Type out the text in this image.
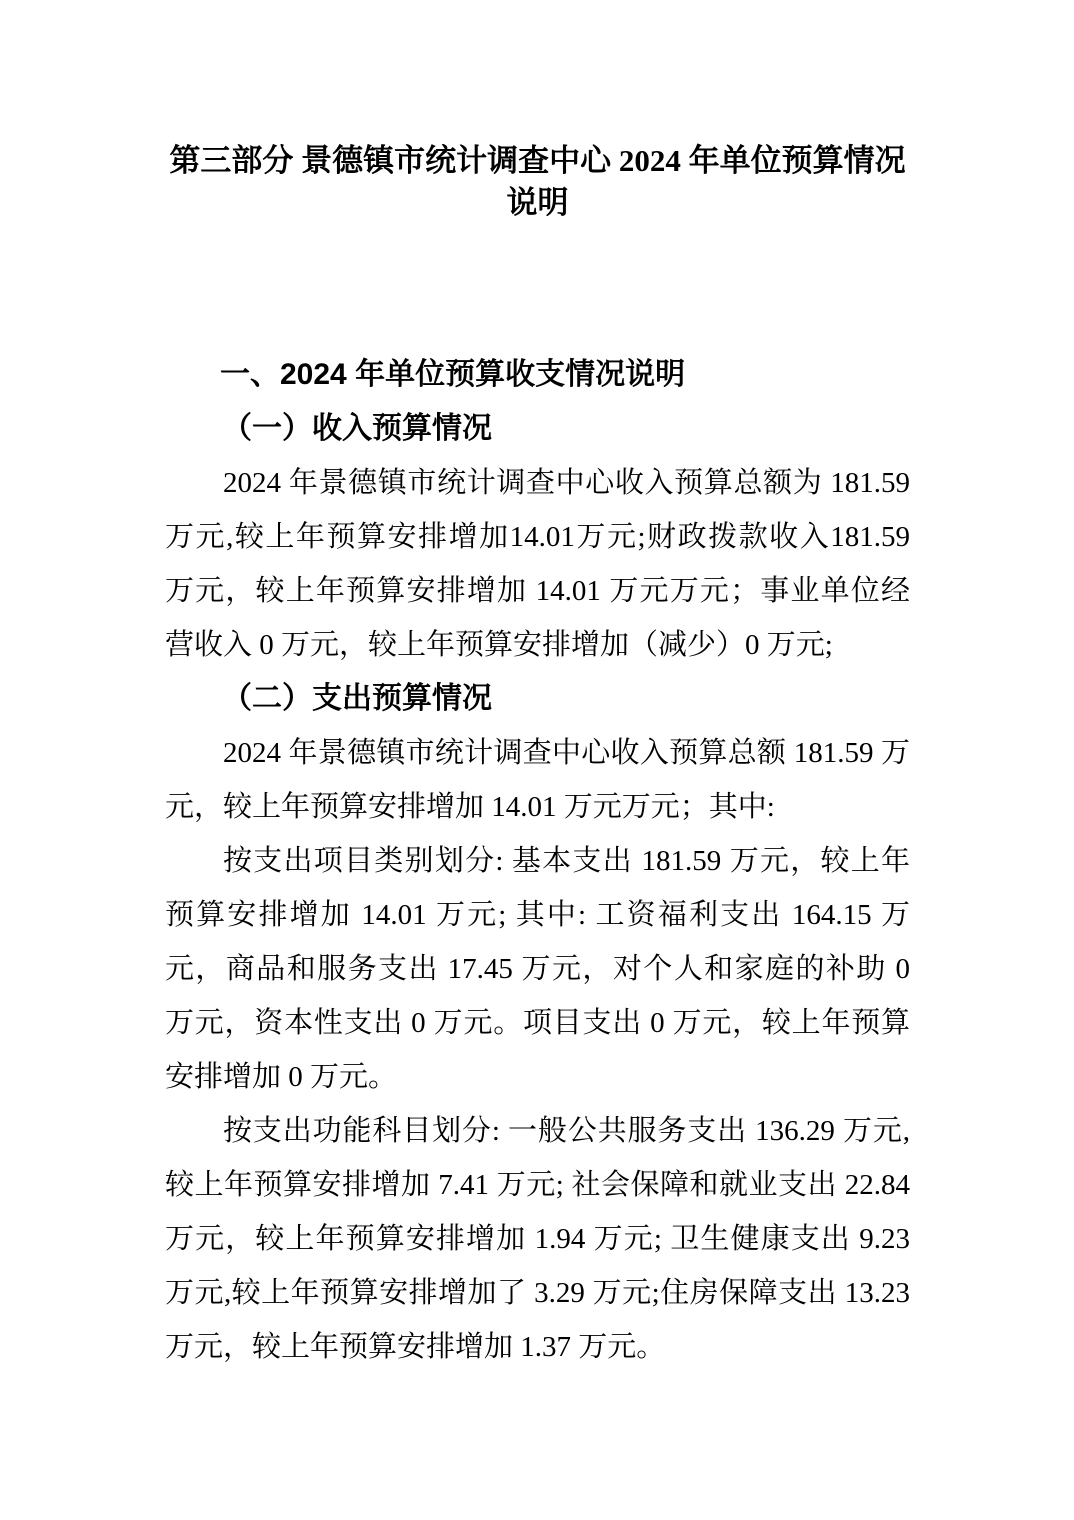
第三部分 景德镇市统计调查中心 2024 年单位预算情况说明
一、2024 年单位预算收支情况说明
（一）收入预算情况

2024 年景德镇市统计调查中心收入预算总额为 181.59 万元,较上年预算安排增加14.01万元;财政拨款收入181.59 万元，较上年预算安排增加 14.01 万元万元；事业单位经营收入 0 万元，较上年预算安排增加（减少）0 万元;

（二）支出预算情况

2024 年景德镇市统计调查中心收入预算总额 181.59 万元，较上年预算安排增加 14.01 万元万元；其中:

按支出项目类别划分: 基本支出 181.59 万元，较上年预算安排增加 14.01 万元; 其中: 工资福利支出 164.15 万元，商品和服务支出 17.45 万元，对个人和家庭的补助 0 万元，资本性支出 0 万元。项目支出 0 万元，较上年预算安排增加 0 万元。

按支出功能科目划分: 一般公共服务支出 136.29 万元,较上年预算安排增加 7.41 万元; 社会保障和就业支出 22.84 万元，较上年预算安排增加 1.94 万元; 卫生健康支出 9.23 万元,较上年预算安排增加了 3.29 万元;住房保障支出 13.23 万元，较上年预算安排增加 1.37 万元。
